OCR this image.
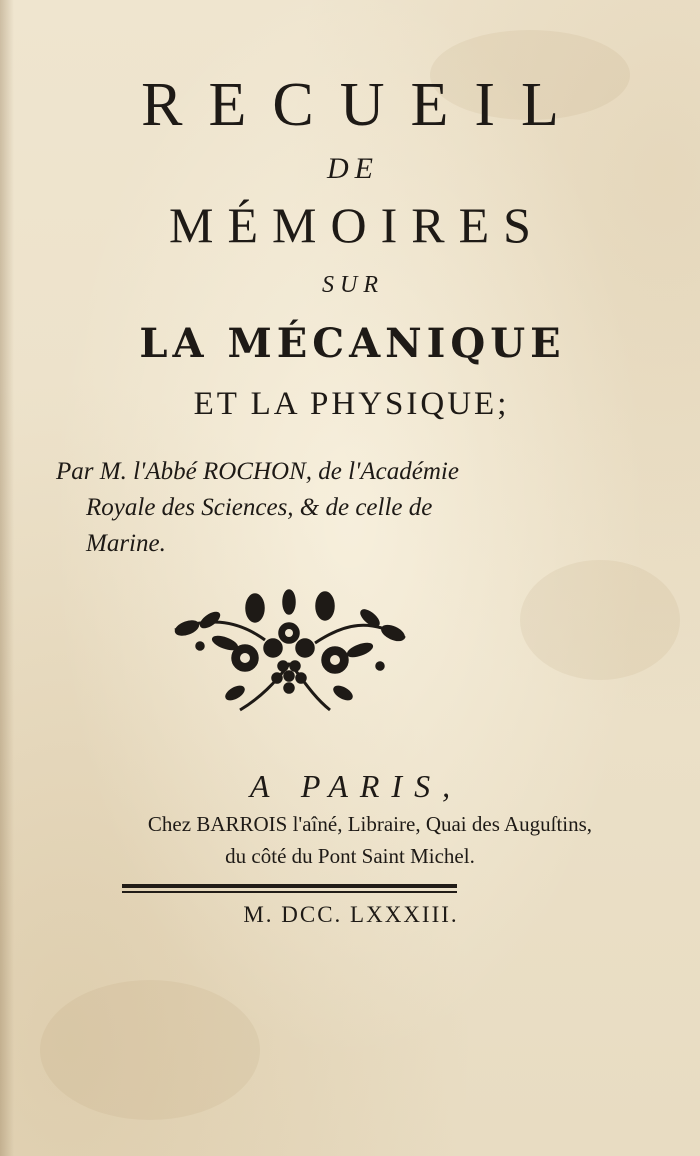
RECUEIL
DE
MÉMOIRES
SUR
LA MÉCANIQUE
ET LA PHYSIQUE;
Par M. l'Abbé ROCHON, de l'Académie
Royale des Sciences, & de celle de
Marine.
A PARIS,
Chez BARROIS l'aîné, Libraire, Quai des Auguſtins,
du côté du Pont Saint Michel.
M. DCC. LXXXIII.
